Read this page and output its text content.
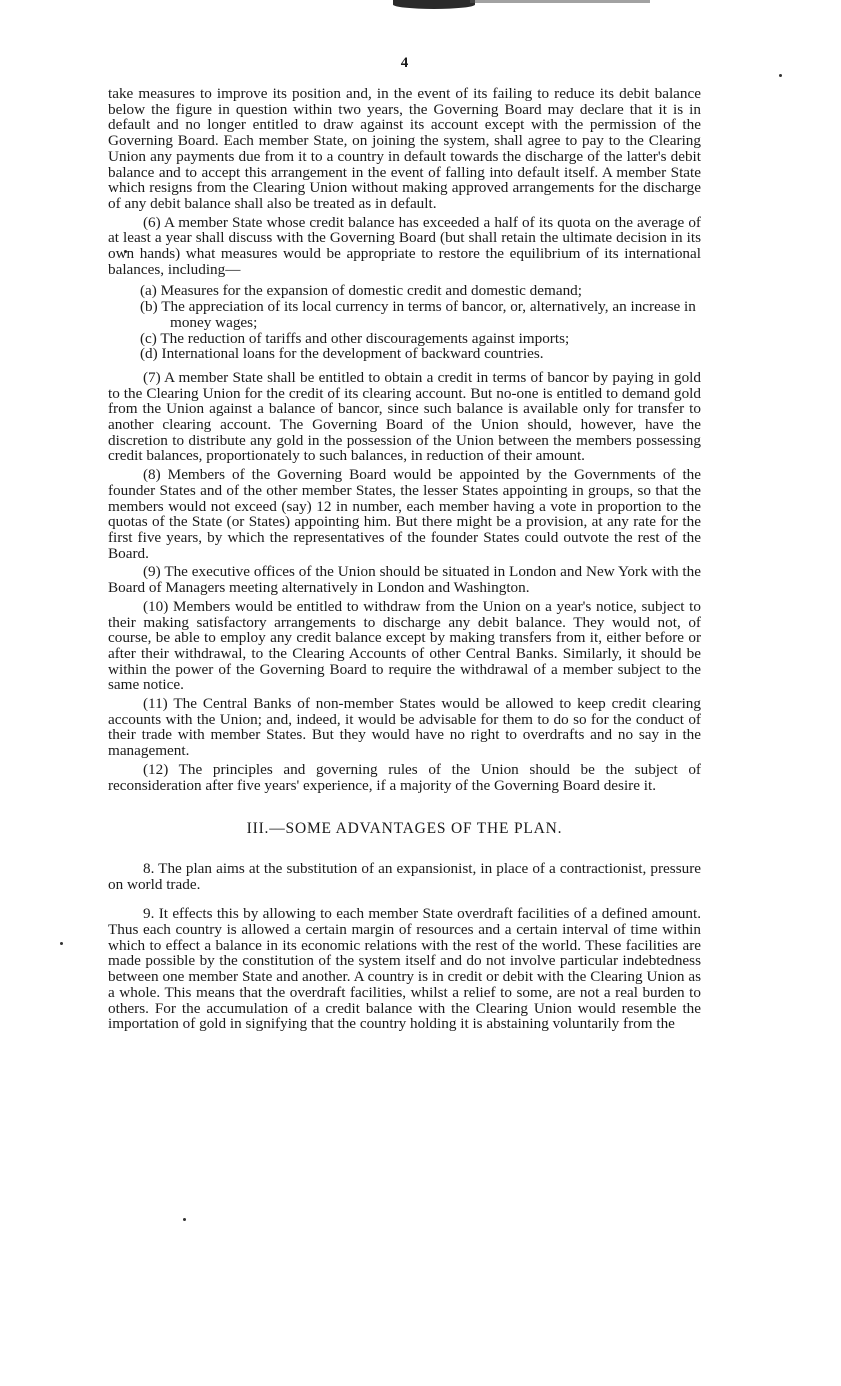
4

take measures to improve its position and, in the event of its failing to reduce its debit balance below the figure in question within two years, the Governing Board may declare that it is in default and no longer entitled to draw against its account except with the permission of the Governing Board. Each member State, on joining the system, shall agree to pay to the Clearing Union any payments due from it to a country in default towards the discharge of the latter's debit balance and to accept this arrangement in the event of falling into default itself. A member State which resigns from the Clearing Union without making approved arrangements for the discharge of any debit balance shall also be treated as in default.

(6) A member State whose credit balance has exceeded a half of its quota on the average of at least a year shall discuss with the Governing Board (but shall retain the ultimate decision in its own hands) what measures would be appropriate to restore the equilibrium of its international balances, including—

(a) Measures for the expansion of domestic credit and domestic demand;
(b) The appreciation of its local currency in terms of bancor, or, alternatively, an increase in money wages;
(c) The reduction of tariffs and other discouragements against imports;
(d) International loans for the development of backward countries.

(7) A member State shall be entitled to obtain a credit in terms of bancor by paying in gold to the Clearing Union for the credit of its clearing account. But no-one is entitled to demand gold from the Union against a balance of bancor, since such balance is available only for transfer to another clearing account. The Governing Board of the Union should, however, have the discretion to distribute any gold in the possession of the Union between the members possessing credit balances, proportionately to such balances, in reduction of their amount.

(8) Members of the Governing Board would be appointed by the Governments of the founder States and of the other member States, the lesser States appointing in groups, so that the members would not exceed (say) 12 in number, each member having a vote in proportion to the quotas of the State (or States) appointing him. But there might be a provision, at any rate for the first five years, by which the representatives of the founder States could outvote the rest of the Board.

(9) The executive offices of the Union should be situated in London and New York with the Board of Managers meeting alternatively in London and Washington.

(10) Members would be entitled to withdraw from the Union on a year's notice, subject to their making satisfactory arrangements to discharge any debit balance. They would not, of course, be able to employ any credit balance except by making transfers from it, either before or after their withdrawal, to the Clearing Accounts of other Central Banks. Similarly, it should be within the power of the Governing Board to require the withdrawal of a member subject to the same notice.

(11) The Central Banks of non-member States would be allowed to keep credit clearing accounts with the Union; and, indeed, it would be advisable for them to do so for the conduct of their trade with member States. But they would have no right to overdrafts and no say in the management.

(12) The principles and governing rules of the Union should be the subject of reconsideration after five years' experience, if a majority of the Governing Board desire it.

III.—SOME ADVANTAGES OF THE PLAN.

8. The plan aims at the substitution of an expansionist, in place of a contractionist, pressure on world trade.

9. It effects this by allowing to each member State overdraft facilities of a defined amount. Thus each country is allowed a certain margin of resources and a certain interval of time within which to effect a balance in its economic relations with the rest of the world. These facilities are made possible by the constitution of the system itself and do not involve particular indebtedness between one member State and another. A country is in credit or debit with the Clearing Union as a whole. This means that the overdraft facilities, whilst a relief to some, are not a real burden to others. For the accumulation of a credit balance with the Clearing Union would resemble the importation of gold in signifying that the country holding it is abstaining voluntarily from the
